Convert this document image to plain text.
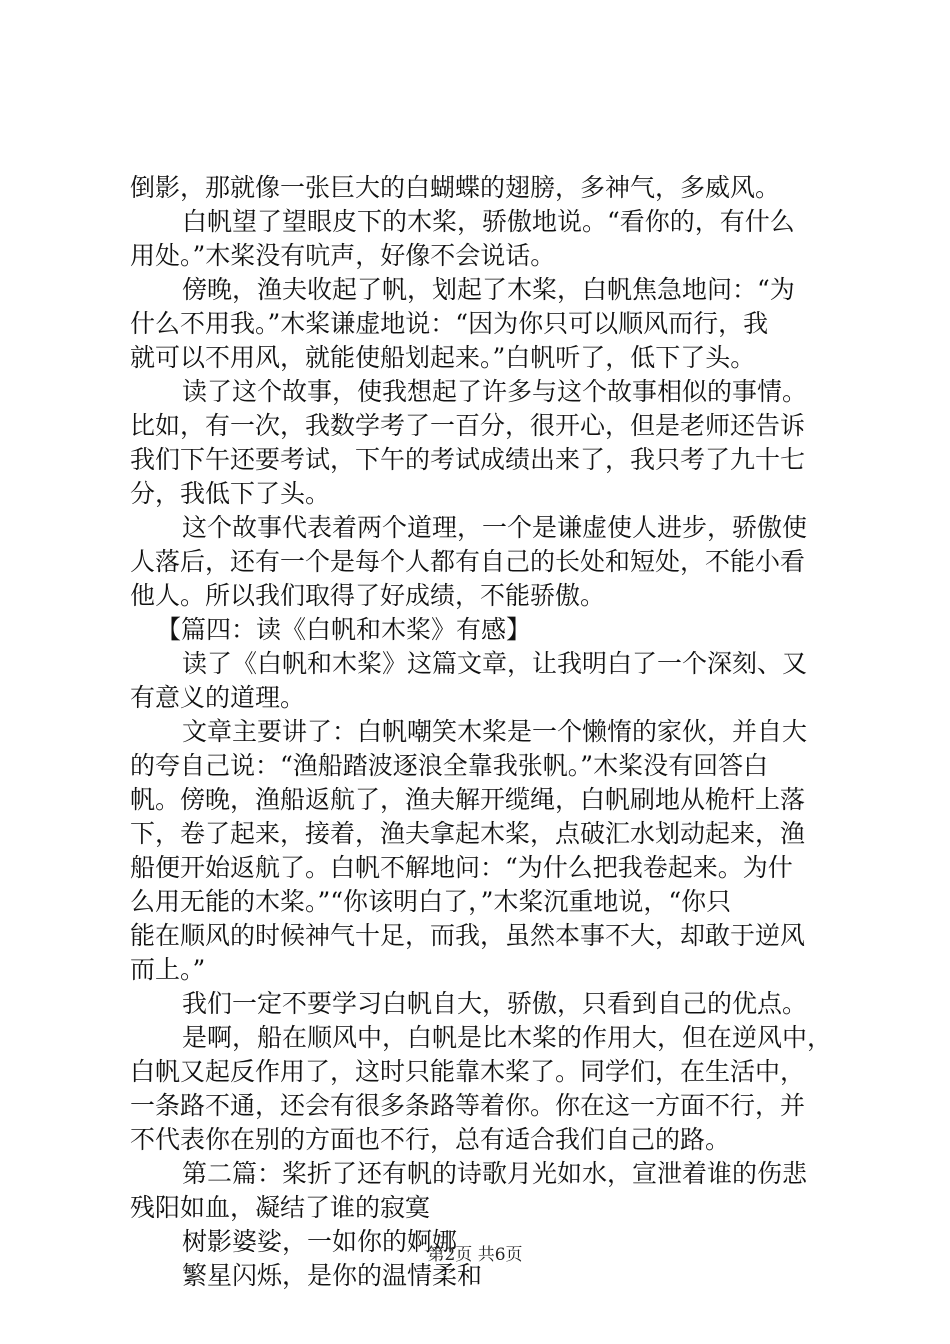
倒影，那就像一张巨大的白蝴蝶的翅膀，多神气，多威风。
白帆望了望眼皮下的木桨，骄傲地说。“看你的，有什么
用处。”木桨没有吭声，好像不会说话。
傍晚，渔夫收起了帆，划起了木桨，白帆焦急地问：“为
什么不用我。”木桨谦虚地说：“因为你只可以顺风而行，我
就可以不用风，就能使船划起来。”白帆听了，低下了头。
读了这个故事，使我想起了许多与这个故事相似的事情。
比如，有一次，我数学考了一百分，很开心，但是老师还告诉
我们下午还要考试，下午的考试成绩出来了，我只考了九十七
分，我低下了头。
这个故事代表着两个道理，一个是谦虚使人进步，骄傲使
人落后，还有一个是每个人都有自己的长处和短处，不能小看
他人。所以我们取得了好成绩，不能骄傲。
【篇四：读《白帆和木桨》有感】
读了《白帆和木桨》这篇文章，让我明白了一个深刻、又
有意义的道理。
文章主要讲了：白帆嘲笑木桨是一个懒惰的家伙，并自大
的夸自己说：“渔船踏波逐浪全靠我张帆。”木桨没有回答白
帆。傍晚，渔船返航了，渔夫解开缆绳，白帆刷地从桅杆上落
下，卷了起来，接着，渔夫拿起木桨，点破汇水划动起来，渔
船便开始返航了。白帆不解地问：“为什么把我卷起来。为什
么用无能的木桨。”“你该明白了，”木桨沉重地说，“你只
能在顺风的时候神气十足，而我，虽然本事不大，却敢于逆风
而上。”
我们一定不要学习白帆自大，骄傲，只看到自己的优点。
是啊，船在顺风中，白帆是比木桨的作用大，但在逆风中，
白帆又起反作用了，这时只能靠木桨了。同学们，在生活中，
一条路不通，还会有很多条路等着你。你在这一方面不行，并
不代表你在别的方面也不行，总有适合我们自己的路。
第二篇：桨折了还有帆的诗歌月光如水，宣泄着谁的伤悲
残阳如血，凝结了谁的寂寞
树影婆娑，一如你的婀娜
繁星闪烁，是你的温情柔和
第2页 共6页
